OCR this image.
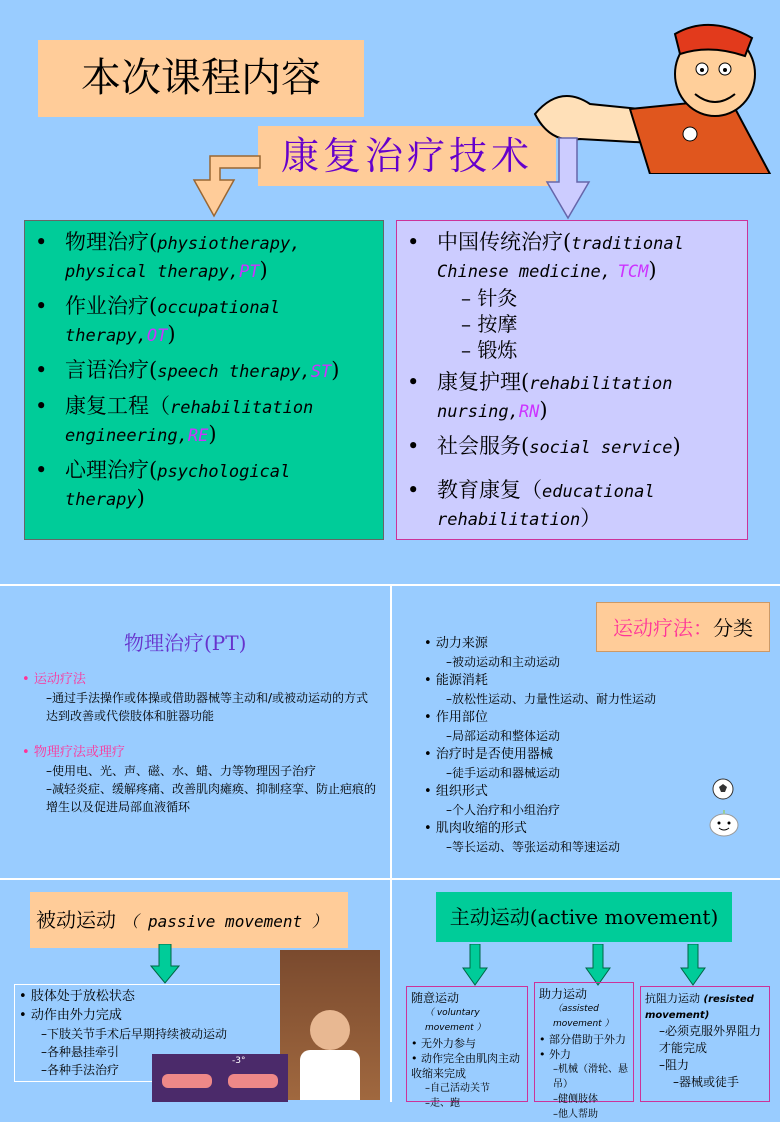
本次课程内容
康复治疗技术
• 物理治疗(physiotherapy, physical therapy,PT)
• 作业治疗(occupational therapy,OT)
• 言语治疗(speech therapy,ST)
• 康复工程（rehabilitation engineering,RE)
• 心理治疗(psychological therapy)
• 中国传统治疗(traditional Chinese medicine, TCM)
– 针灸
– 按摩
– 锻炼
• 康复护理(rehabilitation nursing,RN)
• 社会服务(social service)
• 教育康复（educational rehabilitation）
物理治疗(PT)
• 运动疗法
–通过手法操作或体操或借助器械等主动和/或被动运动的方式达到改善或代偿肢体和脏器功能
• 物理疗法或理疗
–使用电、光、声、磁、水、蜡、力等物理因子治疗
–减轻炎症、缓解疼痛、改善肌肉瘫痪、抑制痉挛、防止疤痕的增生以及促进局部血液循环
运动疗法：分类
• 动力来源
–被动运动和主动运动
• 能源消耗
–放松性运动、力量性运动、耐力性运动
• 作用部位
–局部运动和整体运动
• 治疗时是否使用器械
–徒手运动和器械运动
• 组织形式
–个人治疗和小组治疗
• 肌肉收缩的形式
–等长运动、等张运动和等速运动
被动运动 （ passive movement ）
• 肢体处于放松状态
• 动作由外力完成
–下肢关节手术后早期持续被动运动
–各种悬挂牵引
–各种手法治疗
-3°
主动运动(active movement)
随意运动
（ voluntary movement ）
• 无外力参与
• 动作完全由肌肉主动收缩来完成
–自己活动关节
–走、跑
助力运动
（assisted movement ）
• 部分借助于外力
• 外力
–机械（滑轮、悬吊）
–健侧肢体
–他人帮助
抗阻力运动 (resisted movement)
–必须克服外界阻力才能完成
–阻力
–器械或徒手
